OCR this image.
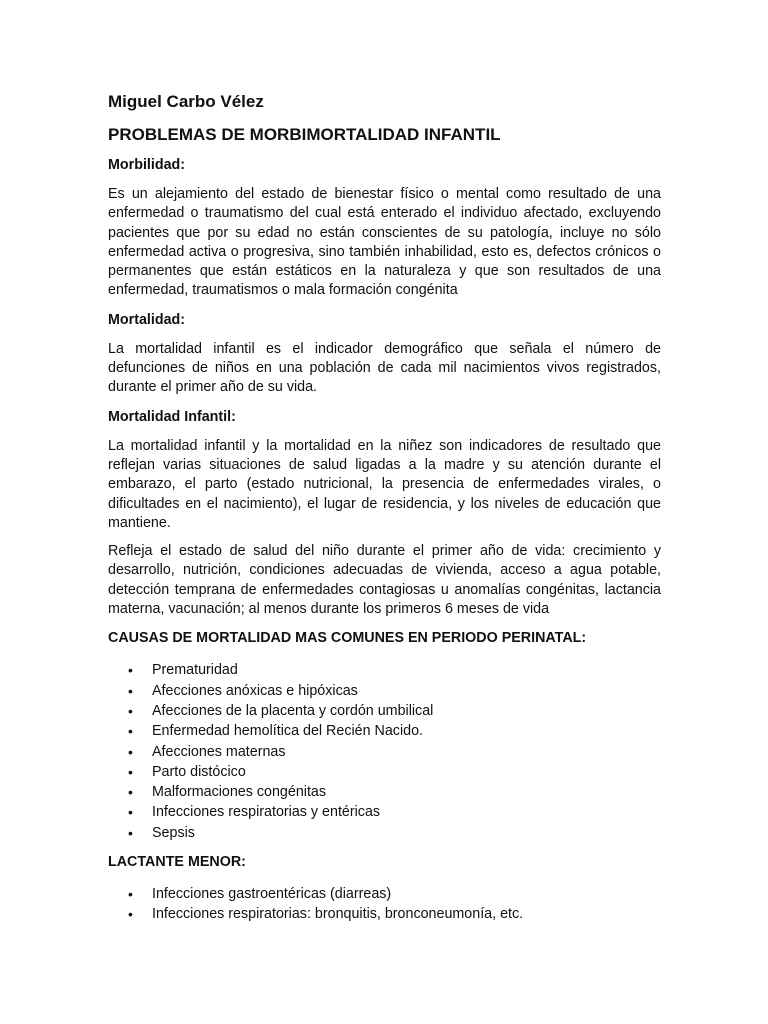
Miguel Carbo Vélez
PROBLEMAS DE MORBIMORTALIDAD INFANTIL
Morbilidad:

Es un alejamiento del estado de bienestar físico o mental como resultado de una enfermedad o traumatismo del cual está enterado el individuo afectado, excluyendo pacientes que por su edad no están conscientes de su patología, incluye no sólo enfermedad activa o progresiva, sino también inhabilidad, esto es, defectos crónicos o permanentes que están estáticos en la naturaleza y que son resultados de una enfermedad, traumatismos o mala formación congénita

Mortalidad:

La mortalidad infantil es el indicador demográfico que señala el número de defunciones de niños en una población de cada mil nacimientos vivos registrados, durante el primer año de su vida.

Mortalidad Infantil:

La mortalidad infantil y la mortalidad en la niñez son indicadores de resultado que reflejan varias situaciones de salud ligadas a la madre y su atención durante el embarazo, el parto (estado nutricional, la presencia de enfermedades virales, o dificultades en el nacimiento), el lugar de residencia, y los niveles de educación que mantiene.

Refleja el estado de salud del niño durante el primer año de vida: crecimiento y desarrollo, nutrición, condiciones adecuadas de vivienda, acceso a agua potable, detección temprana de enfermedades contagiosas u anomalías congénitas, lactancia materna, vacunación; al menos durante los primeros 6 meses de vida

CAUSAS DE MORTALIDAD MAS COMUNES EN PERIODO PERINATAL:
• Prematuridad
• Afecciones anóxicas e hipóxicas
• Afecciones de la placenta y cordón umbilical
• Enfermedad hemolítica del Recién Nacido.
• Afecciones maternas
• Parto distócico
• Malformaciones congénitas
• Infecciones respiratorias y entéricas
• Sepsis
LACTANTE MENOR:
• Infecciones gastroentéricas (diarreas)
• Infecciones respiratorias: bronquitis, bronconeumonía, etc.
